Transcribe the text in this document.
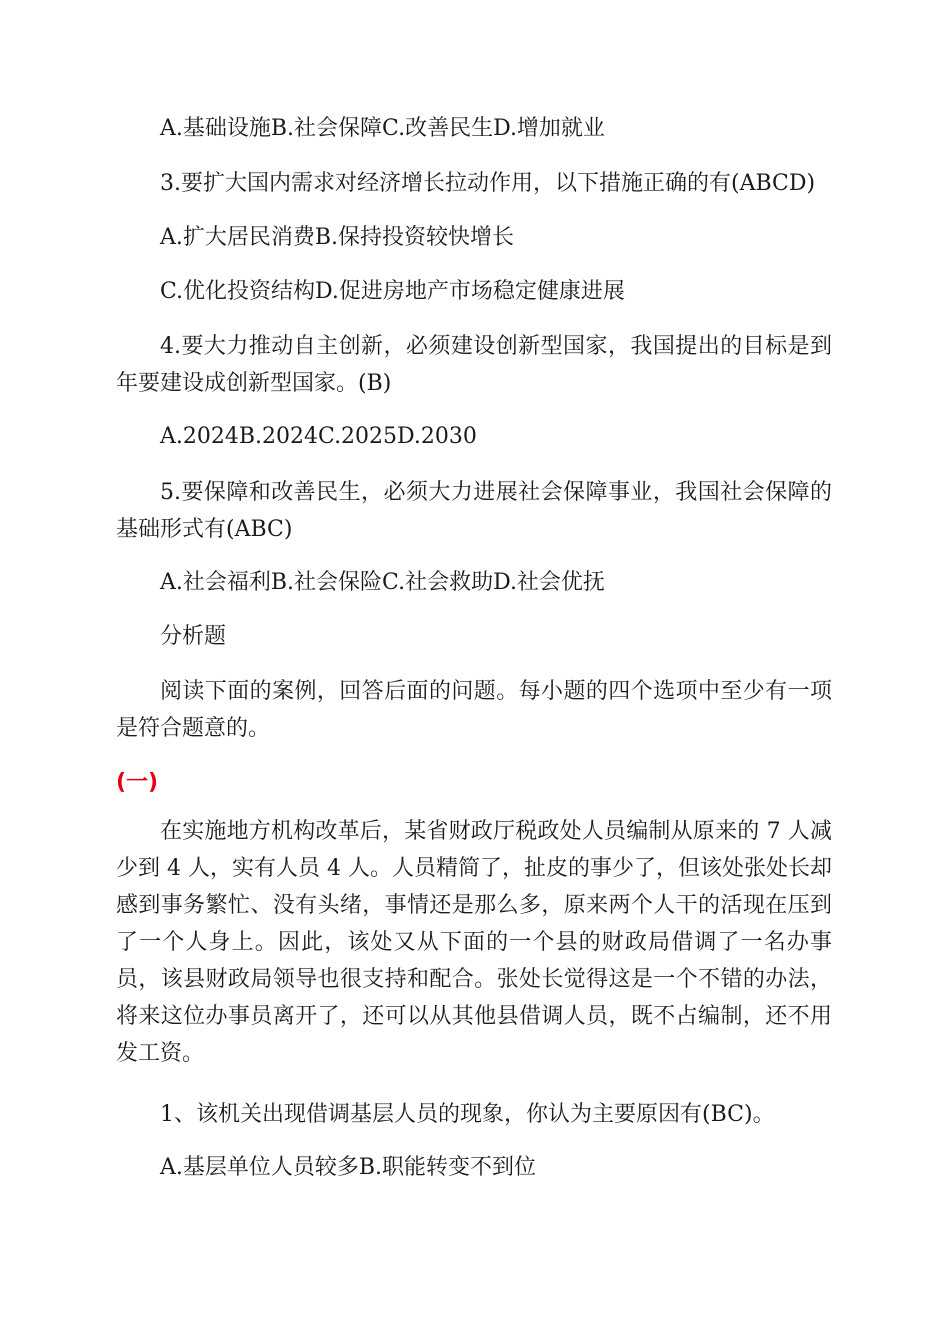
A.基础设施B.社会保障C.改善民生D.增加就业
3.要扩大国内需求对经济增长拉动作用，以下措施正确的有(ABCD)
A.扩大居民消费B.保持投资较快增长
C.优化投资结构D.促进房地产市场稳定健康进展
4.要大力推动自主创新，必须建设创新型国家，我国提出的目标是到年要建设成创新型国家。(B)
A.2024B.2024C.2025D.2030
5.要保障和改善民生，必须大力进展社会保障事业，我国社会保障的基础形式有(ABC)
A.社会福利B.社会保险C.社会救助D.社会优抚
分析题
阅读下面的案例，回答后面的问题。每小题的四个选项中至少有一项是符合题意的。
(一)
在实施地方机构改革后，某省财政厅税政处人员编制从原来的 7 人减少到 4 人，实有人员 4 人。人员精简了，扯皮的事少了，但该处张处长却感到事务繁忙、没有头绪，事情还是那么多，原来两个人干的活现在压到了一个人身上。因此，该处又从下面的一个县的财政局借调了一名办事员，该县财政局领导也很支持和配合。张处长觉得这是一个不错的办法，将来这位办事员离开了，还可以从其他县借调人员，既不占编制，还不用发工资。
1、该机关出现借调基层人员的现象，你认为主要原因有(BC)。
A.基层单位人员较多B.职能转变不到位
